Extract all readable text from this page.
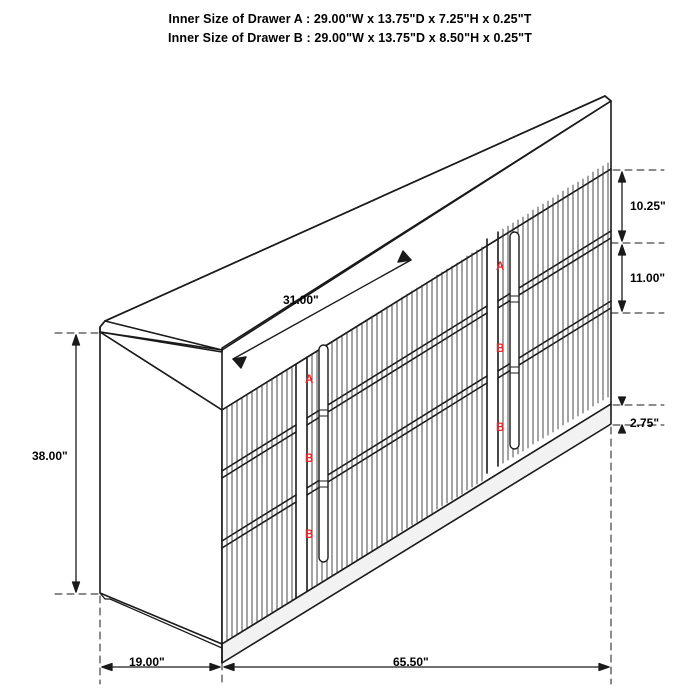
Inner Size of Drawer A : 29.00"W x 13.75"D x 7.25"H x 0.25"T
Inner Size of Drawer B : 29.00"W x 13.75"D x 8.50"H x 0.25"T
31.00"
10.25"
11.00"
2.75"
38.00"
19.00"	65.50"
A
B
B
A
B
B
